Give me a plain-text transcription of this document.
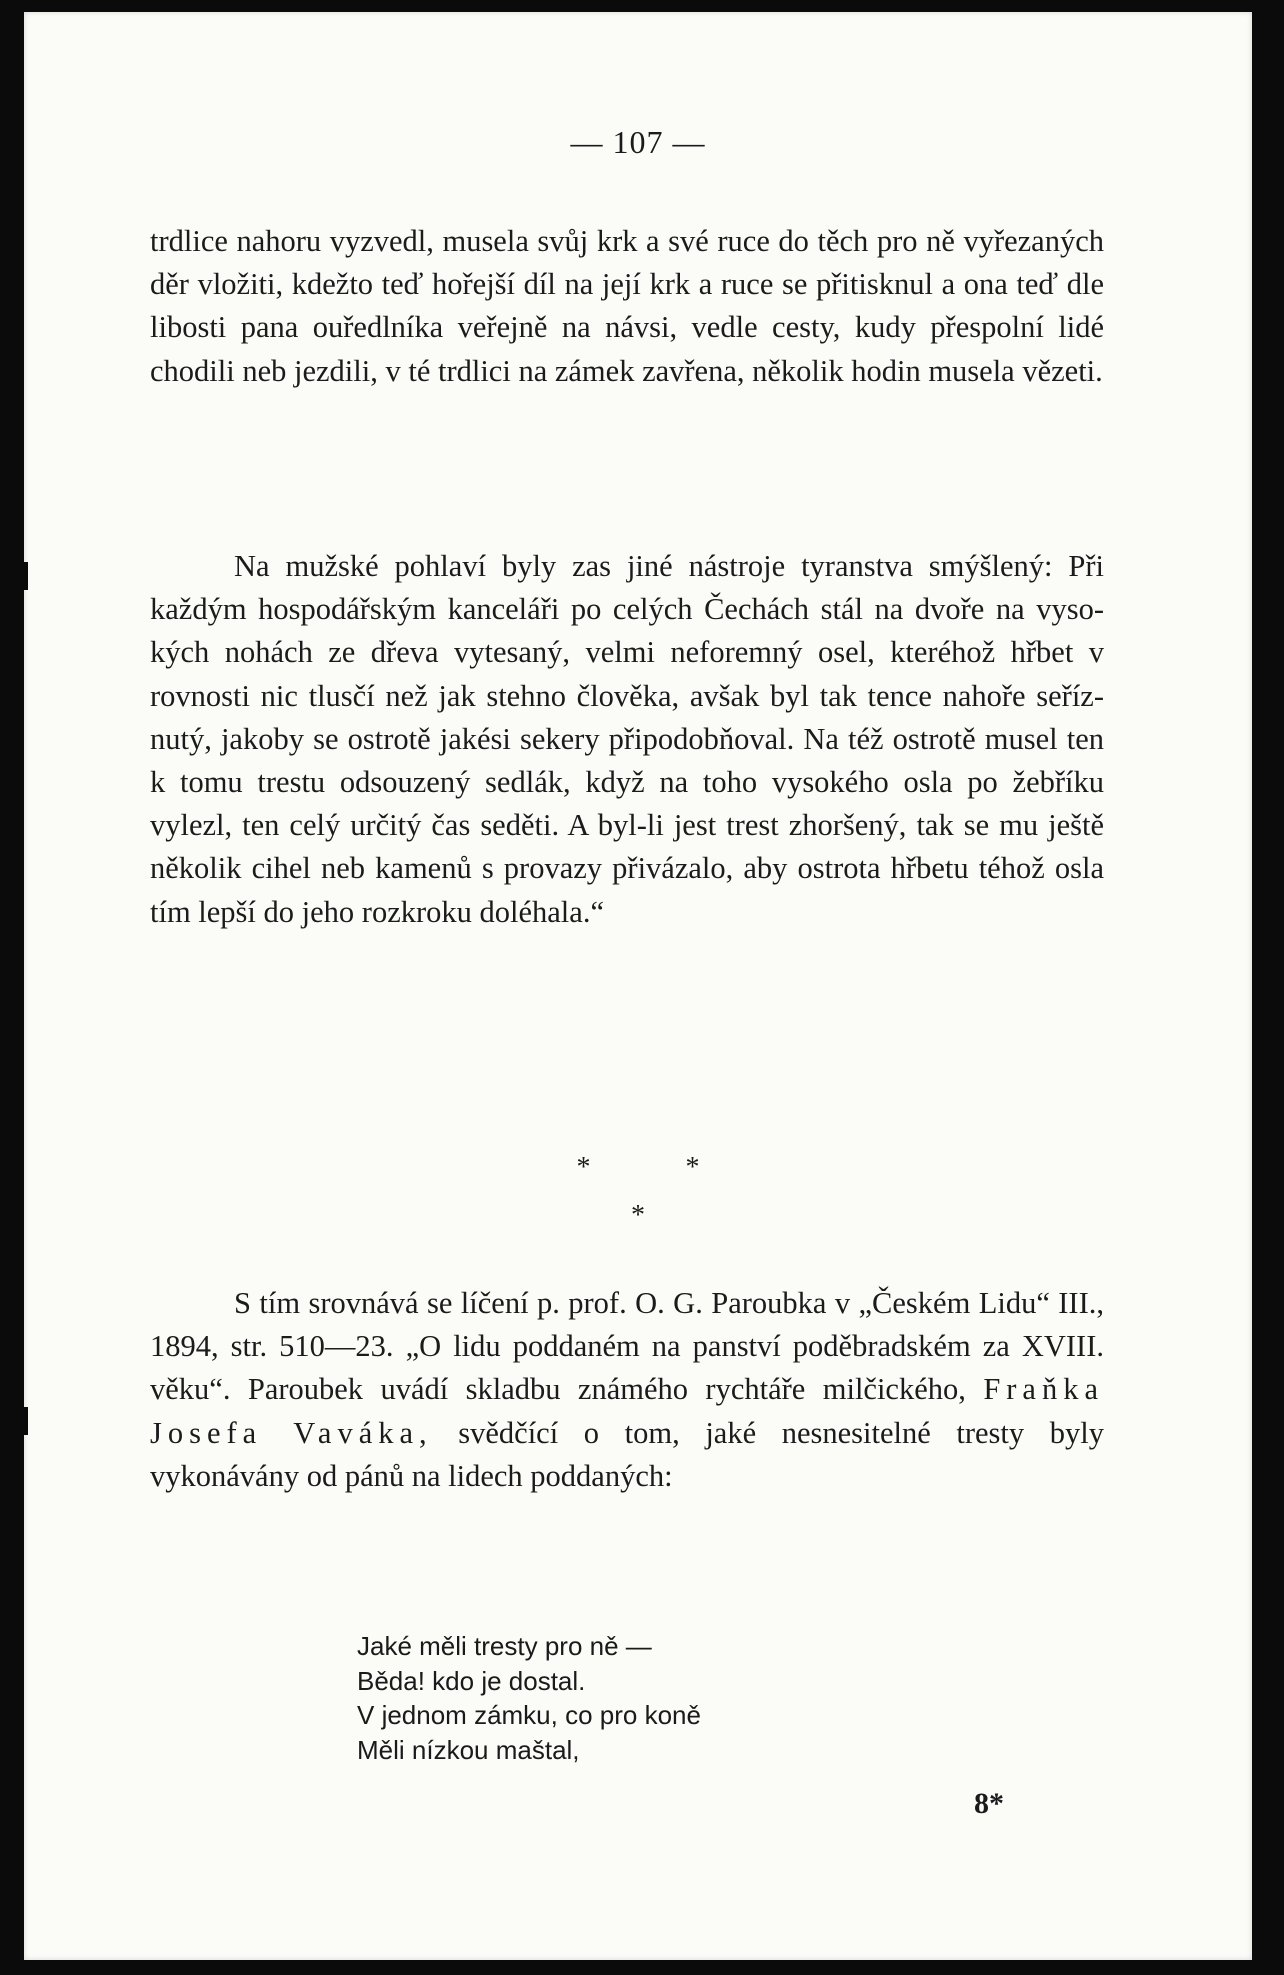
— 107 —

trdlice nahoru vyzvedl, musela svůj krk a své ruce do těch pro ně vyřezaných děr vložiti, kdežto teď hořejší díl na její krk a ruce se přitisknul a ona teď dle libosti pana ouředlníka veřejně na návsi, vedle cesty, kudy přespolní lidé chodili neb jezdili, v té trdlici na zámek zavřena, několik hodin musela vězeti.

Na mužské pohlaví byly zas jiné nástroje tyranstva smýšlený: Při každým hospodářským kanceláři po celých Čechách stál na dvoře na vysokých nohách ze dřeva vytesaný, velmi neforemný osel, kteréhož hřbet v rovnosti nic tlusčí než jak stehno člověka, avšak byl tak tence nahoře seříznutý, jakoby se ostrotě jakési sekery připodobňoval. Na též ostrotě musel ten k tomu trestu odsouzený sedlák, když na toho vysokého osla po žebříku vylezl, ten celý určitý čas seděti. A byl-li jest trest zhoršený, tak se mu ještě několik cihel neb kamenů s provazy přivázalo, aby ostrota hřbetu téhož osla tím lepší do jeho rozkroku doléhala.“

*	*
*

S tím srovnává se líčení p. prof. O. G. Paroubka v „Českém Lidu“ III., 1894, str. 510—23. „O lidu poddaném na panství poděbradském za XVIII. věku“. Paroubek uvádí skladbu známého rychtáře milčického, Fraňka Josefa Vaváka, svědčící o tom, jaké nesnesitelné tresty byly vykonávány od pánů na lidech poddaných:

Jaké měli tresty pro ně —
Běda! kdo je dostal.
V jednom zámku, co pro koně
Měli nízkou maštal,
8*
